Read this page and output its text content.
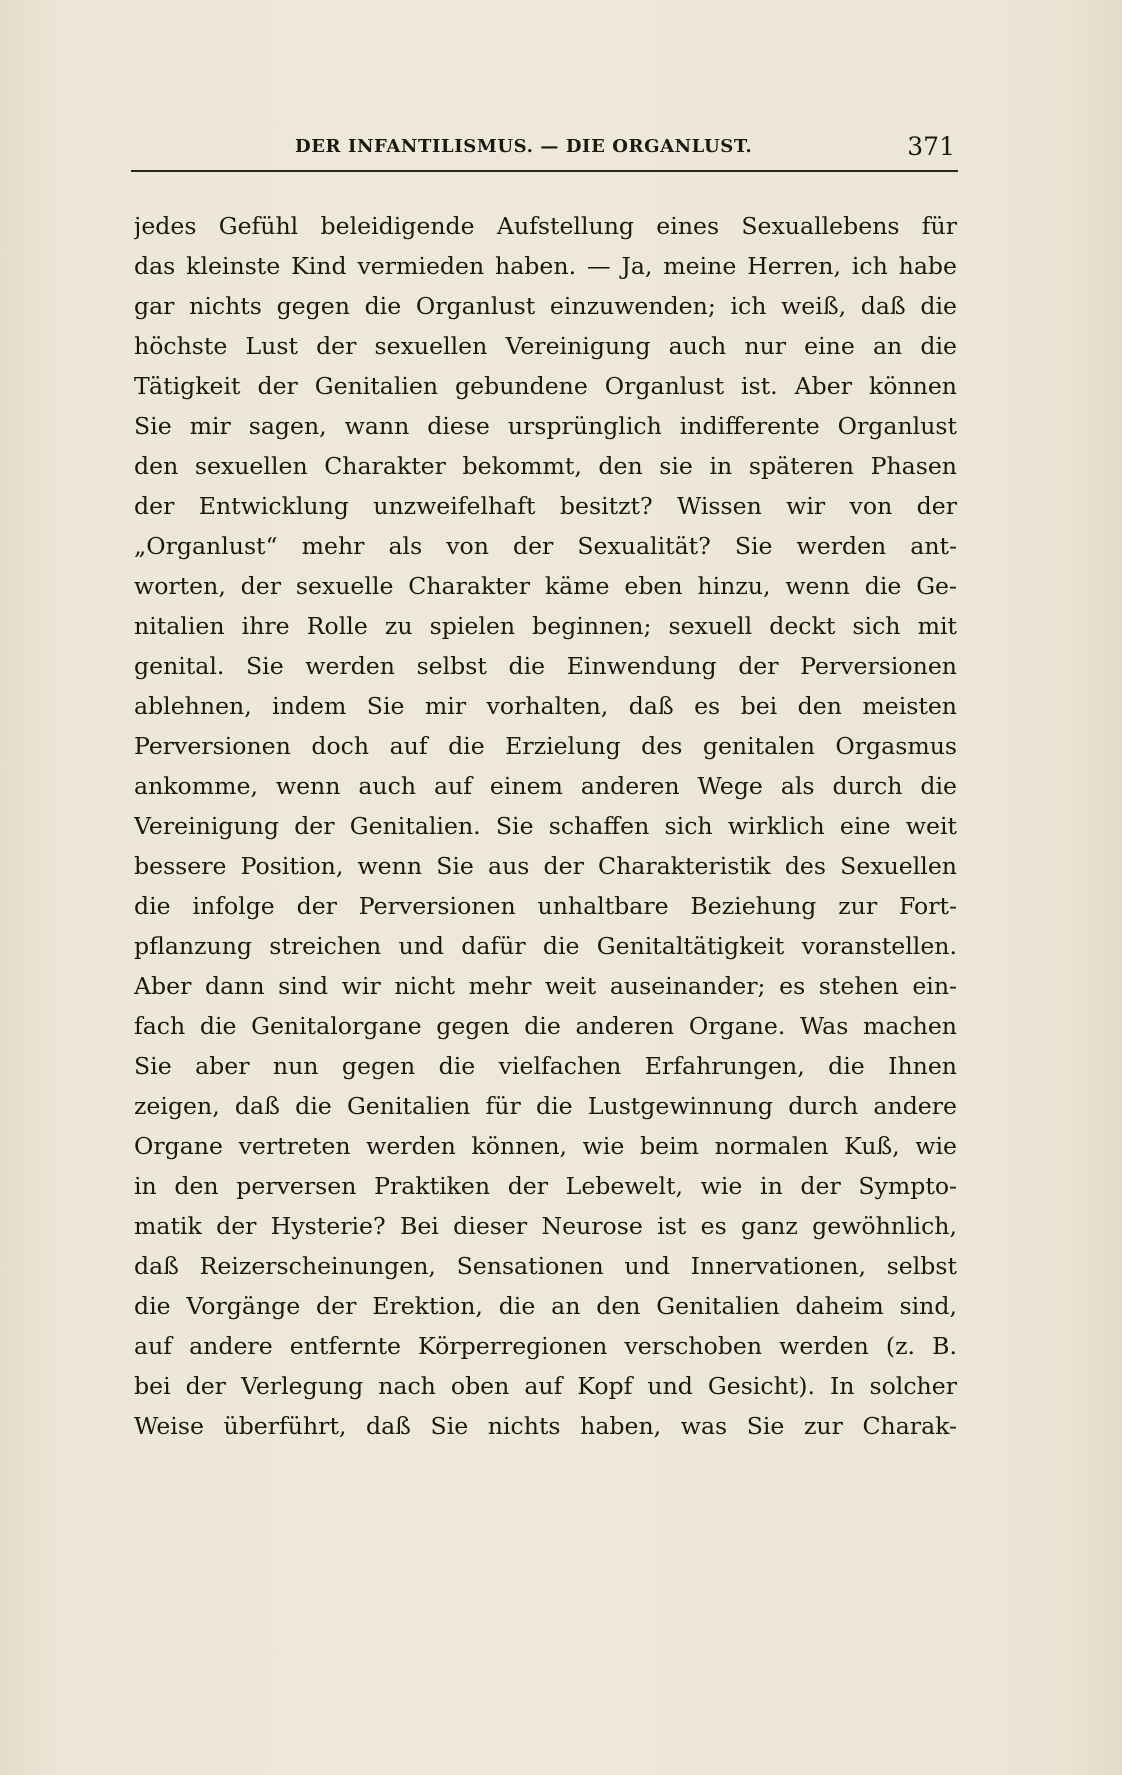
DER INFANTILISMUS. — DIE ORGANLUST.	371
jedes Gefühl beleidigende Aufstellung eines Sexuallebens für
das kleinste Kind vermieden haben. — Ja, meine Herren, ich habe
gar nichts gegen die Organlust einzuwenden; ich weiß, daß die
höchste Lust der sexuellen Vereinigung auch nur eine an die
Tätigkeit der Genitalien gebundene Organlust ist. Aber können
Sie mir sagen, wann diese ursprünglich indifferente Organlust
den sexuellen Charakter bekommt, den sie in späteren Phasen
der Entwicklung unzweifelhaft besitzt? Wissen wir von der
„Organlust“ mehr als von der Sexualität? Sie werden ant-
worten, der sexuelle Charakter käme eben hinzu, wenn die Ge-
nitalien ihre Rolle zu spielen beginnen; sexuell deckt sich mit
genital. Sie werden selbst die Einwendung der Perversionen
ablehnen, indem Sie mir vorhalten, daß es bei den meisten
Perversionen doch auf die Erzielung des genitalen Orgasmus
ankomme, wenn auch auf einem anderen Wege als durch die
Vereinigung der Genitalien. Sie schaffen sich wirklich eine weit
bessere Position, wenn Sie aus der Charakteristik des Sexuellen
die infolge der Perversionen unhaltbare Beziehung zur Fort-
pflanzung streichen und dafür die Genitaltätigkeit voranstellen.
Aber dann sind wir nicht mehr weit auseinander; es stehen ein-
fach die Genitalorgane gegen die anderen Organe. Was machen
Sie aber nun gegen die vielfachen Erfahrungen, die Ihnen
zeigen, daß die Genitalien für die Lustgewinnung durch andere
Organe vertreten werden können, wie beim normalen Kuß, wie
in den perversen Praktiken der Lebewelt, wie in der Sympto-
matik der Hysterie? Bei dieser Neurose ist es ganz gewöhnlich,
daß Reizerscheinungen, Sensationen und Innervationen, selbst
die Vorgänge der Erektion, die an den Genitalien daheim sind,
auf andere entfernte Körperregionen verschoben werden (z. B.
bei der Verlegung nach oben auf Kopf und Gesicht). In solcher
Weise überführt, daß Sie nichts haben, was Sie zur Charak-
